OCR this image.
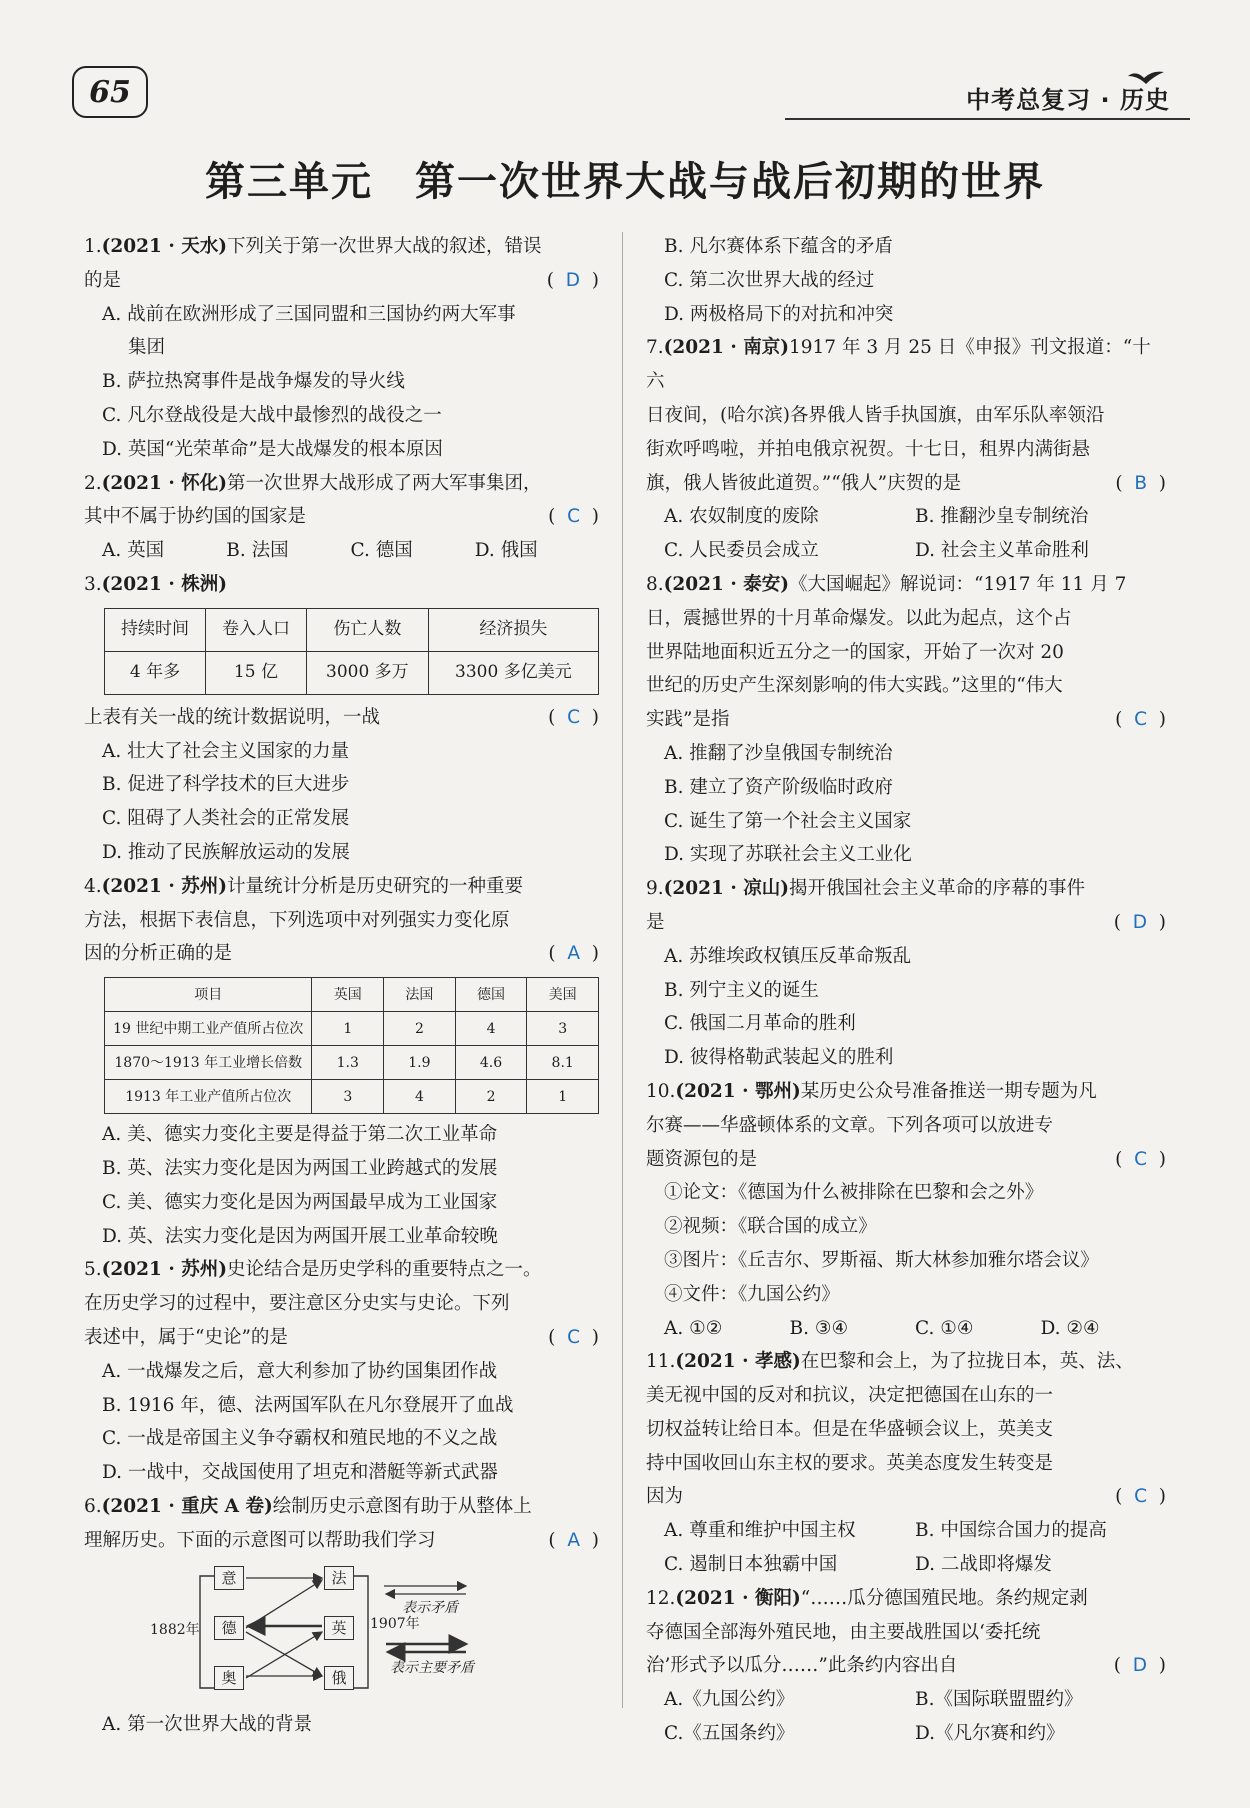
65	中考总复习 · 历史
第三单元　第一次世界大战与战后初期的世界
1.(2021 · 天水)下列关于第一次世界大战的叙述，错误
的是	(  D  )
A. 战前在欧洲形成了三国同盟和三国协约两大军事
集团
B. 萨拉热窝事件是战争爆发的导火线
C. 凡尔登战役是大战中最惨烈的战役之一
D. 英国“光荣革命”是大战爆发的根本原因
2.(2021 · 怀化)第一次世界大战形成了两大军事集团，
其中不属于协约国的国家是	(  C  )
A. 英国	B. 法国	C. 德国	D. 俄国
3.(2021 · 株洲)
持续时间	卷入人口	伤亡人数	经济损失
4 年多	15 亿	3000 多万	3300 多亿美元
上表有关一战的统计数据说明，一战	(  C  )
A. 壮大了社会主义国家的力量
B. 促进了科学技术的巨大进步
C. 阻碍了人类社会的正常发展
D. 推动了民族解放运动的发展
4.(2021 · 苏州)计量统计分析是历史研究的一种重要
方法，根据下表信息，下列选项中对列强实力变化原
因的分析正确的是	(  A  )
项目	英国	法国	德国	美国
19 世纪中期工业产值所占位次	1	2	4	3
1870～1913 年工业增长倍数	1.3	1.9	4.6	8.1
1913 年工业产值所占位次	3	4	2	1
A. 美、德实力变化主要是得益于第二次工业革命
B. 英、法实力变化是因为两国工业跨越式的发展
C. 美、德实力变化是因为两国最早成为工业国家
D. 英、法实力变化是因为两国开展工业革命较晚
5.(2021 · 苏州)史论结合是历史学科的重要特点之一。
在历史学习的过程中，要注意区分史实与史论。下列
表述中，属于“史论”的是	(  C  )
A. 一战爆发之后，意大利参加了协约国集团作战
B. 1916 年，德、法两国军队在凡尔登展开了血战
C. 一战是帝国主义争夺霸权和殖民地的不义之战
D. 一战中，交战国使用了坦克和潜艇等新式武器
6.(2021 · 重庆 A 卷)绘制历史示意图有助于从整体上
理解历史。下面的示意图可以帮助我们学习	(  A  )
1882年	1907年
意
德
奥
法
英
俄
表示矛盾
表示主要矛盾
A. 第一次世界大战的背景
B. 凡尔赛体系下蕴含的矛盾
C. 第二次世界大战的经过
D. 两极格局下的对抗和冲突
7.(2021 · 南京)1917 年 3 月 25 日《申报》刊文报道：“十六
日夜间，(哈尔滨)各界俄人皆手执国旗，由军乐队率领沿
街欢呼鸣啦，并拍电俄京祝贺。十七日，租界内满街悬
旗，俄人皆彼此道贺。”“俄人”庆贺的是	(  B  )
A. 农奴制度的废除	B. 推翻沙皇专制统治
C. 人民委员会成立	D. 社会主义革命胜利
8.(2021 · 泰安)《大国崛起》解说词：“1917 年 11 月 7
日，震撼世界的十月革命爆发。以此为起点，这个占
世界陆地面积近五分之一的国家，开始了一次对 20
世纪的历史产生深刻影响的伟大实践。”这里的“伟大
实践”是指	(  C  )
A. 推翻了沙皇俄国专制统治
B. 建立了资产阶级临时政府
C. 诞生了第一个社会主义国家
D. 实现了苏联社会主义工业化
9.(2021 · 凉山)揭开俄国社会主义革命的序幕的事件
是	(  D  )
A. 苏维埃政权镇压反革命叛乱
B. 列宁主义的诞生
C. 俄国二月革命的胜利
D. 彼得格勒武装起义的胜利
10.(2021 · 鄂州)某历史公众号准备推送一期专题为凡
尔赛——华盛顿体系的文章。下列各项可以放进专
题资源包的是	(  C  )
①论文：《德国为什么被排除在巴黎和会之外》
②视频：《联合国的成立》
③图片：《丘吉尔、罗斯福、斯大林参加雅尔塔会议》
④文件：《九国公约》
A. ①②	B. ③④	C. ①④	D. ②④
11.(2021 · 孝感)在巴黎和会上，为了拉拢日本，英、法、
美无视中国的反对和抗议，决定把德国在山东的一
切权益转让给日本。但是在华盛顿会议上，英美支
持中国收回山东主权的要求。英美态度发生转变是
因为	(  C  )
A. 尊重和维护中国主权	B. 中国综合国力的提高
C. 遏制日本独霸中国	D. 二战即将爆发
12.(2021 · 衡阳)“……瓜分德国殖民地。条约规定剥
夺德国全部海外殖民地，由主要战胜国以‘委托统
治’形式予以瓜分……”此条约内容出自	(  D  )
A.《九国公约》	B.《国际联盟盟约》
C.《五国条约》	D.《凡尔赛和约》
